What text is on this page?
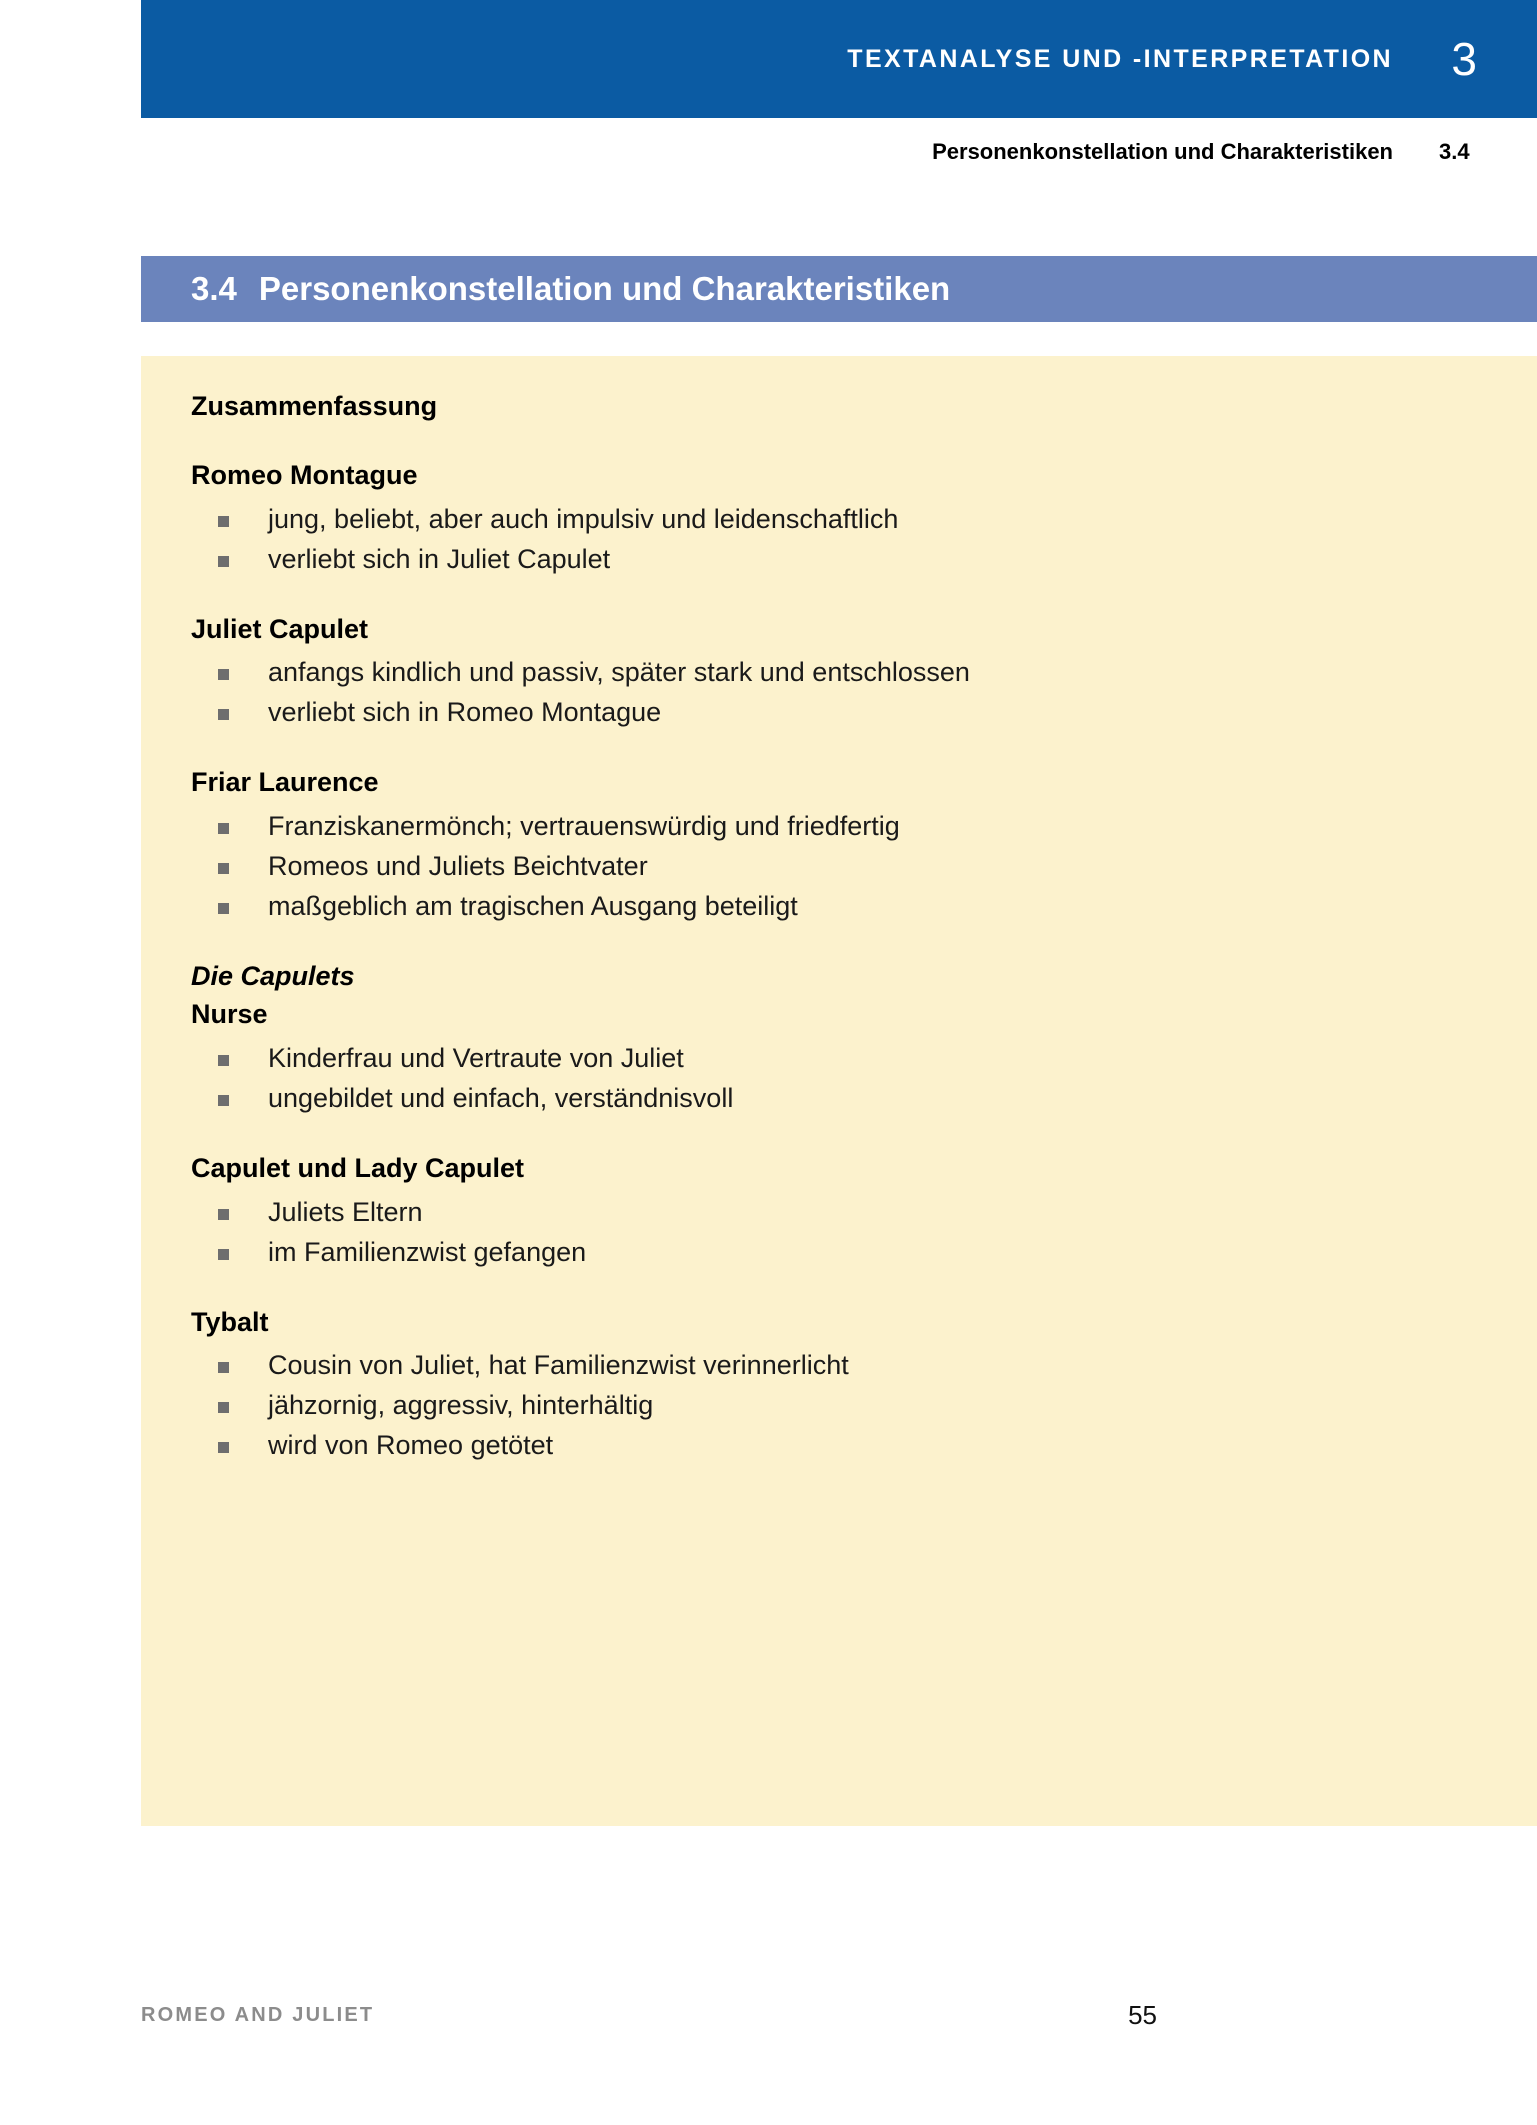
TEXTANALYSE UND -INTERPRETATION 3
Personenkonstellation und Charakteristiken 3.4
3.4 Personenkonstellation und Charakteristiken
Zusammenfassung
Romeo Montague
jung, beliebt, aber auch impulsiv und leidenschaftlich
verliebt sich in Juliet Capulet
Juliet Capulet
anfangs kindlich und passiv, später stark und entschlossen
verliebt sich in Romeo Montague
Friar Laurence
Franziskanermönch; vertrauenswürdig und friedfertig
Romeos und Juliets Beichtvater
maßgeblich am tragischen Ausgang beteiligt
Die Capulets
Nurse
Kinderfrau und Vertraute von Juliet
ungebildet und einfach, verständnisvoll
Capulet und Lady Capulet
Juliets Eltern
im Familienzwist gefangen
Tybalt
Cousin von Juliet, hat Familienzwist verinnerlicht
jähzornig, aggressiv, hinterhältig
wird von Romeo getötet
ROMEO AND JULIET	55
